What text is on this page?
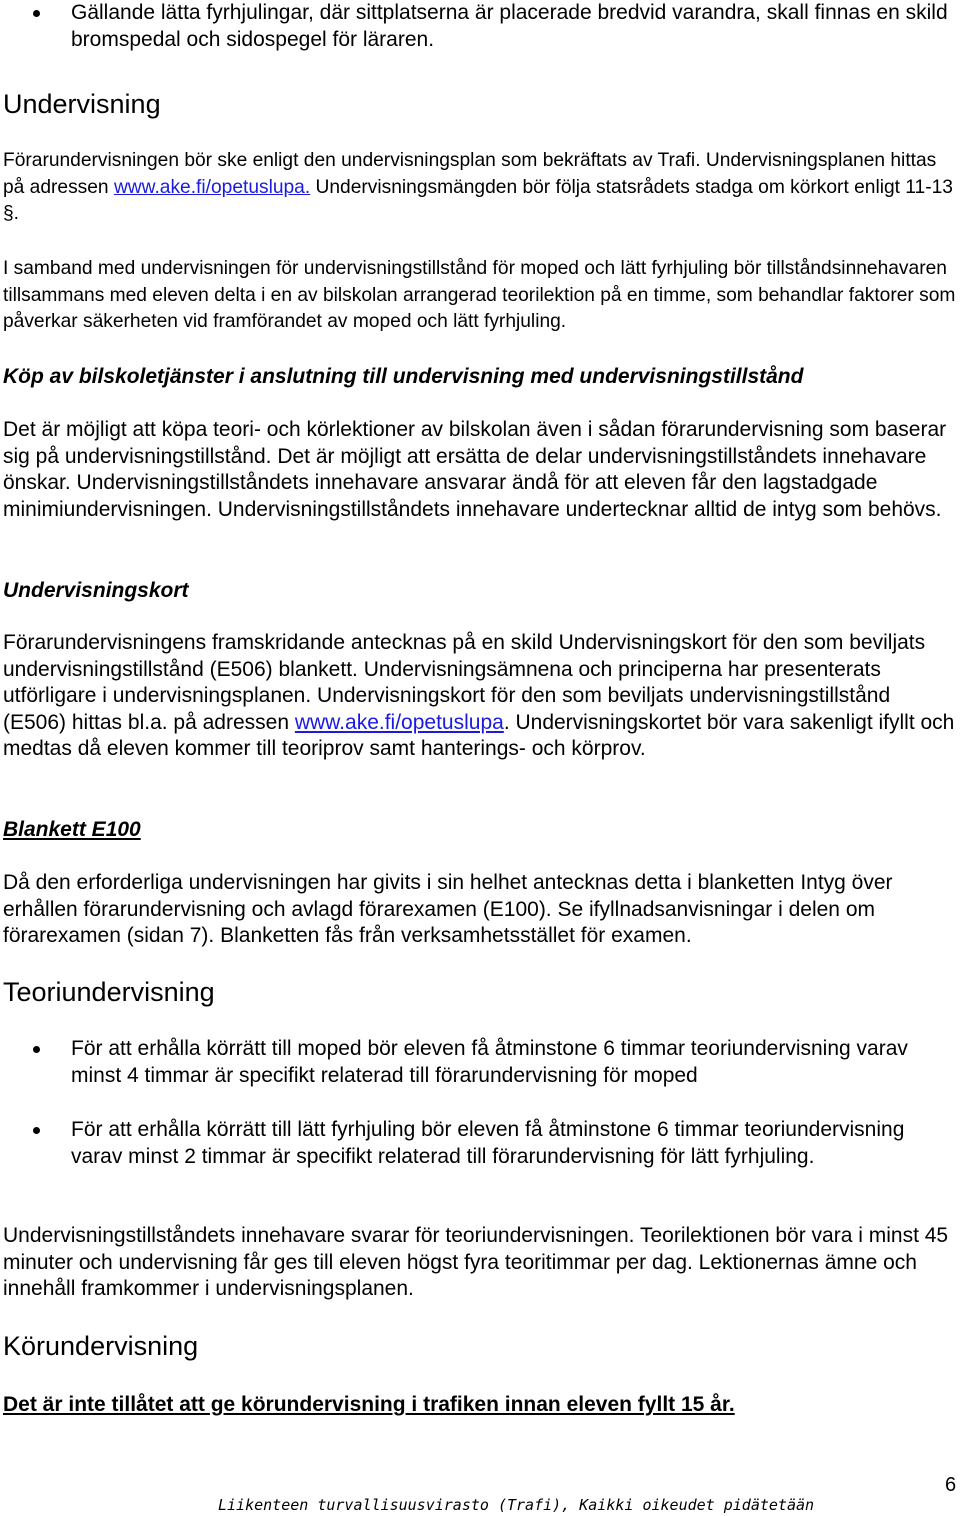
Gällande lätta fyrhjulingar, där sittplatserna är placerade bredvid varandra, skall finnas en skild bromspedal och sidospegel för läraren.
Undervisning

Förarundervisningen bör ske enligt den undervisningsplan som bekräftats av Trafi. Undervisningsplanen hittas på adressen www.ake.fi/opetuslupa. Undervisningsmängden bör följa statsrådets stadga om körkort enligt 11-13 §.

I samband med undervisningen för undervisningstillstånd för moped och lätt fyrhjuling bör tillståndsinnehavaren tillsammans med eleven delta i en av bilskolan arrangerad teorilektion på en timme, som behandlar faktorer som påverkar säkerheten vid framförandet av moped och lätt fyrhjuling.

Köp av bilskoletjänster i anslutning till undervisning med undervisningstillstånd

Det är möjligt att köpa teori- och körlektioner av bilskolan även i sådan förarundervisning som baserar sig på undervisningstillstånd. Det är möjligt att ersätta de delar undervisningstillståndets innehavare önskar. Undervisningstillståndets innehavare ansvarar ändå för att eleven får den lagstadgade minimiundervisningen. Undervisningstillståndets innehavare undertecknar alltid de intyg som behövs.

Undervisningskort

Förarundervisningens framskridande antecknas på en skild Undervisningskort för den som beviljats undervisningstillstånd (E506) blankett. Undervisningsämnena och principerna har presenterats utförligare i undervisningsplanen. Undervisningskort för den som beviljats undervisningstillstånd (E506) hittas bl.a. på adressen www.ake.fi/opetuslupa. Undervisningskortet bör vara sakenligt ifyllt och medtas då eleven kommer till teoriprov samt hanterings- och körprov.

Blankett E100

Då den erforderliga undervisningen har givits i sin helhet antecknas detta i blanketten Intyg över erhållen förarundervisning och avlagd förarexamen (E100). Se ifyllnadsanvisningar i delen om förarexamen (sidan 7). Blanketten fås från verksamhetsstället för examen.

Teoriundervisning
För att erhålla körrätt till moped bör eleven få åtminstone 6 timmar teoriundervisning varav minst 4 timmar är specifikt relaterad till förarundervisning för moped
För att erhålla körrätt till lätt fyrhjuling bör eleven få åtminstone 6 timmar teoriundervisning varav minst 2 timmar är specifikt relaterad till förarundervisning för lätt fyrhjuling.

Undervisningstillståndets innehavare svarar för teoriundervisningen. Teorilektionen bör vara i minst 45 minuter och undervisning får ges till eleven högst fyra teoritimmar per dag. Lektionernas ämne och innehåll framkommer i undervisningsplanen.

Körundervisning

Det är inte tillåtet att ge körundervisning i trafiken innan eleven fyllt 15 år.

6

Liikenteen turvallisuusvirasto (Trafi), Kaikki oikeudet pidätetään
